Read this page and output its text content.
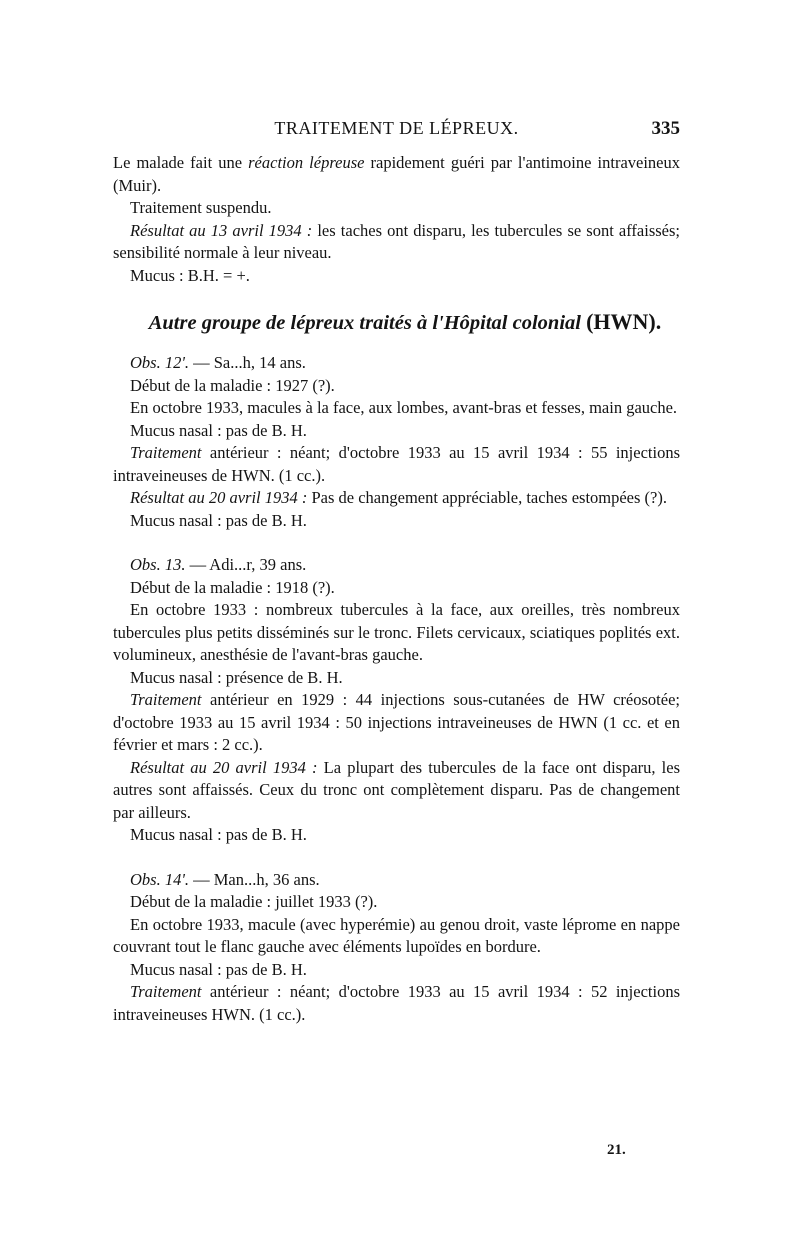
TRAITEMENT DE LÉPREUX.	335

Le malade fait une réaction lépreuse rapidement guéri par l'antimoine intraveineux (Muir).

Traitement suspendu.

Résultat au 13 avril 1934 : les taches ont disparu, les tubercules se sont affaissés; sensibilité normale à leur niveau.

Mucus : B.H. = +.

Autre groupe de lépreux traités à l'Hôpital colonial (HWN).

Obs. 12'. — Sa...h, 14 ans.

Début de la maladie : 1927 (?).

En octobre 1933, macules à la face, aux lombes, avant-bras et fesses, main gauche.

Mucus nasal : pas de B. H.

Traitement antérieur : néant; d'octobre 1933 au 15 avril 1934 : 55 injections intraveineuses de HWN. (1 cc.).

Résultat au 20 avril 1934 : Pas de changement appréciable, taches estompées (?).

Mucus nasal : pas de B. H.

Obs. 13. — Adi...r, 39 ans.

Début de la maladie : 1918 (?).

En octobre 1933 : nombreux tubercules à la face, aux oreilles, très nombreux tubercules plus petits disséminés sur le tronc. Filets cervicaux, sciatiques poplités ext. volumineux, anesthésie de l'avant-bras gauche.

Mucus nasal : présence de B. H.

Traitement antérieur en 1929 : 44 injections sous-cutanées de HW créosotée; d'octobre 1933 au 15 avril 1934 : 50 injections intraveineuses de HWN (1 cc. et en février et mars : 2 cc.).

Résultat au 20 avril 1934 : La plupart des tubercules de la face ont disparu, les autres sont affaissés. Ceux du tronc ont complètement disparu. Pas de changement par ailleurs.

Mucus nasal : pas de B. H.

Obs. 14'. — Man...h, 36 ans.

Début de la maladie : juillet 1933 (?).

En octobre 1933, macule (avec hyperémie) au genou droit, vaste léprome en nappe couvrant tout le flanc gauche avec éléments lupoïdes en bordure.

Mucus nasal : pas de B. H.

Traitement antérieur : néant; d'octobre 1933 au 15 avril 1934 : 52 injections intraveineuses HWN. (1 cc.).

21.
